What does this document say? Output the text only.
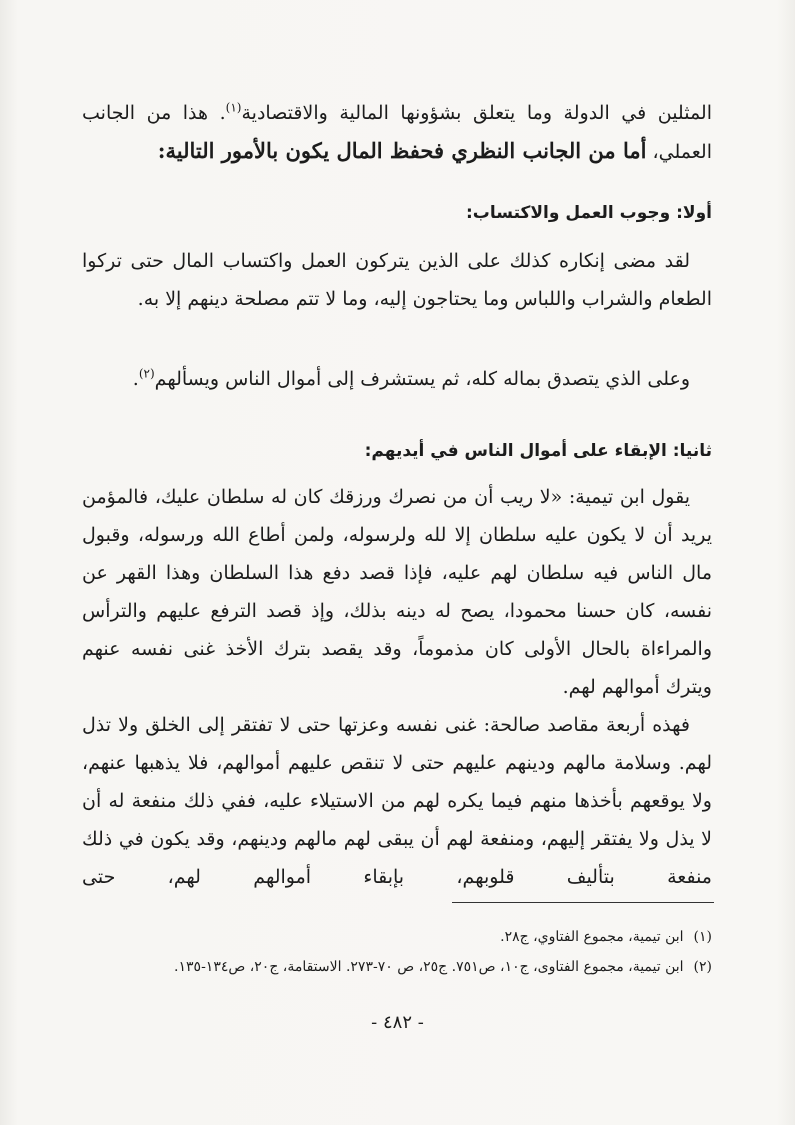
المثلين في الدولة وما يتعلق بشؤونها المالية والاقتصادية$^{(١)}$. هذا من الجانب العملي، أما من الجانب النظري فحفظ المال يكون بالأمور التالية:

أولا: وجوب العمل والاكتساب:

لقد مضى إنكاره كذلك على الذين يتركون العمل واكتساب المال حتى تركوا الطعام والشراب واللباس وما يحتاجون إليه، وما لا تتم مصلحة دينهم إلا به.

وعلى الذي يتصدق بماله كله، ثم يستشرف إلى أموال الناس ويسألهم$^{(٢)}$.

ثانيا: الإبقاء على أموال الناس في أيديهم:

يقول ابن تيمية: «لا ريب أن من نصرك ورزقك كان له سلطان عليك، فالمؤمن يريد أن لا يكون عليه سلطان إلا لله ولرسوله، ولمن أطاع الله ورسوله، وقبول مال الناس فيه سلطان لهم عليه، فإذا قصد دفع هذا السلطان وهذا القهر عن نفسه، كان حسنا محمودا، يصح له دينه بذلك، وإذ قصد الترفع عليهم والترأس والمراءاة بالحال الأولى كان مذموماً، وقد يقصد بترك الأخذ غنى نفسه عنهم ويترك أموالهم لهم.

فهذه أربعة مقاصد صالحة: غنى نفسه وعزتها حتى لا تفتقر إلى الخلق ولا تذل لهم. وسلامة مالهم ودينهم عليهم حتى لا تنقص عليهم أموالهم، فلا يذهبها عنهم، ولا يوقعهم بأخذها منهم فيما يكره لهم من الاستيلاء عليه، ففي ذلك منفعة له أن لا يذل ولا يفتقر إليهم، ومنفعة لهم أن يبقى لهم مالهم ودينهم، وقد يكون في ذلك منفعة بتأليف قلوبهم، بإبقاء أموالهم لهم، حتى

(١) ابن تيمية، مجموع الفتاوي، ج٢٨.

(٢) ابن تيمية، مجموع الفتاوى، ج١٠، ص٧٥١. ج٢٥، ص ٧٠-٢٧٣. الاستقامة، ج٢٠، ص١٣٤-١٣٥.

- ٤٨٢ -
